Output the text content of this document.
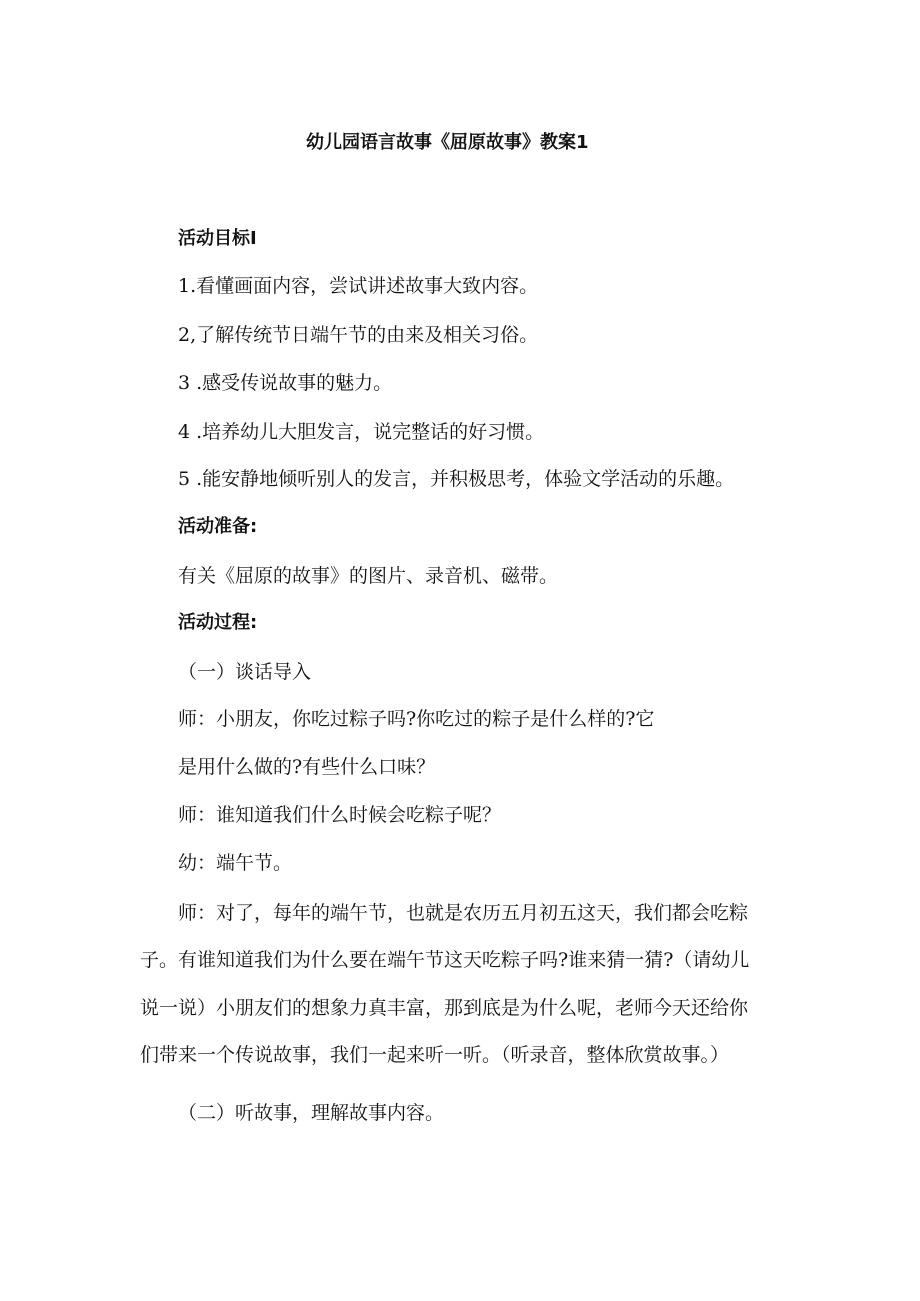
幼儿园语言故事《屈原故事》教案1
活动目标I
1.看懂画面内容，尝试讲述故事大致内容。
2,了解传统节日端午节的由来及相关习俗。
3 .感受传说故事的魅力。
4 .培养幼儿大胆发言，说完整话的好习惯。
5 .能安静地倾听别人的发言，并积极思考，体验文学活动的乐趣。
活动准备:
有关《屈原的故事》的图片、录音机、磁带。
活动过程:
（一）谈话导入
师：小朋友，你吃过粽子吗?你吃过的粽子是什么样的?它
是用什么做的?有些什么口味？
师：谁知道我们什么时候会吃粽子呢？
幼：端午节。
师：对了，每年的端午节，也就是农历五月初五这天，我们都会吃粽
子。有谁知道我们为什么要在端午节这天吃粽子吗?谁来猜一猜?（请幼儿
说一说）小朋友们的想象力真丰富，那到底是为什么呢，老师今天还给你
们带来一个传说故事，我们一起来听一听。（听录音，整体欣赏故事。）
（二）听故事，理解故事内容。
